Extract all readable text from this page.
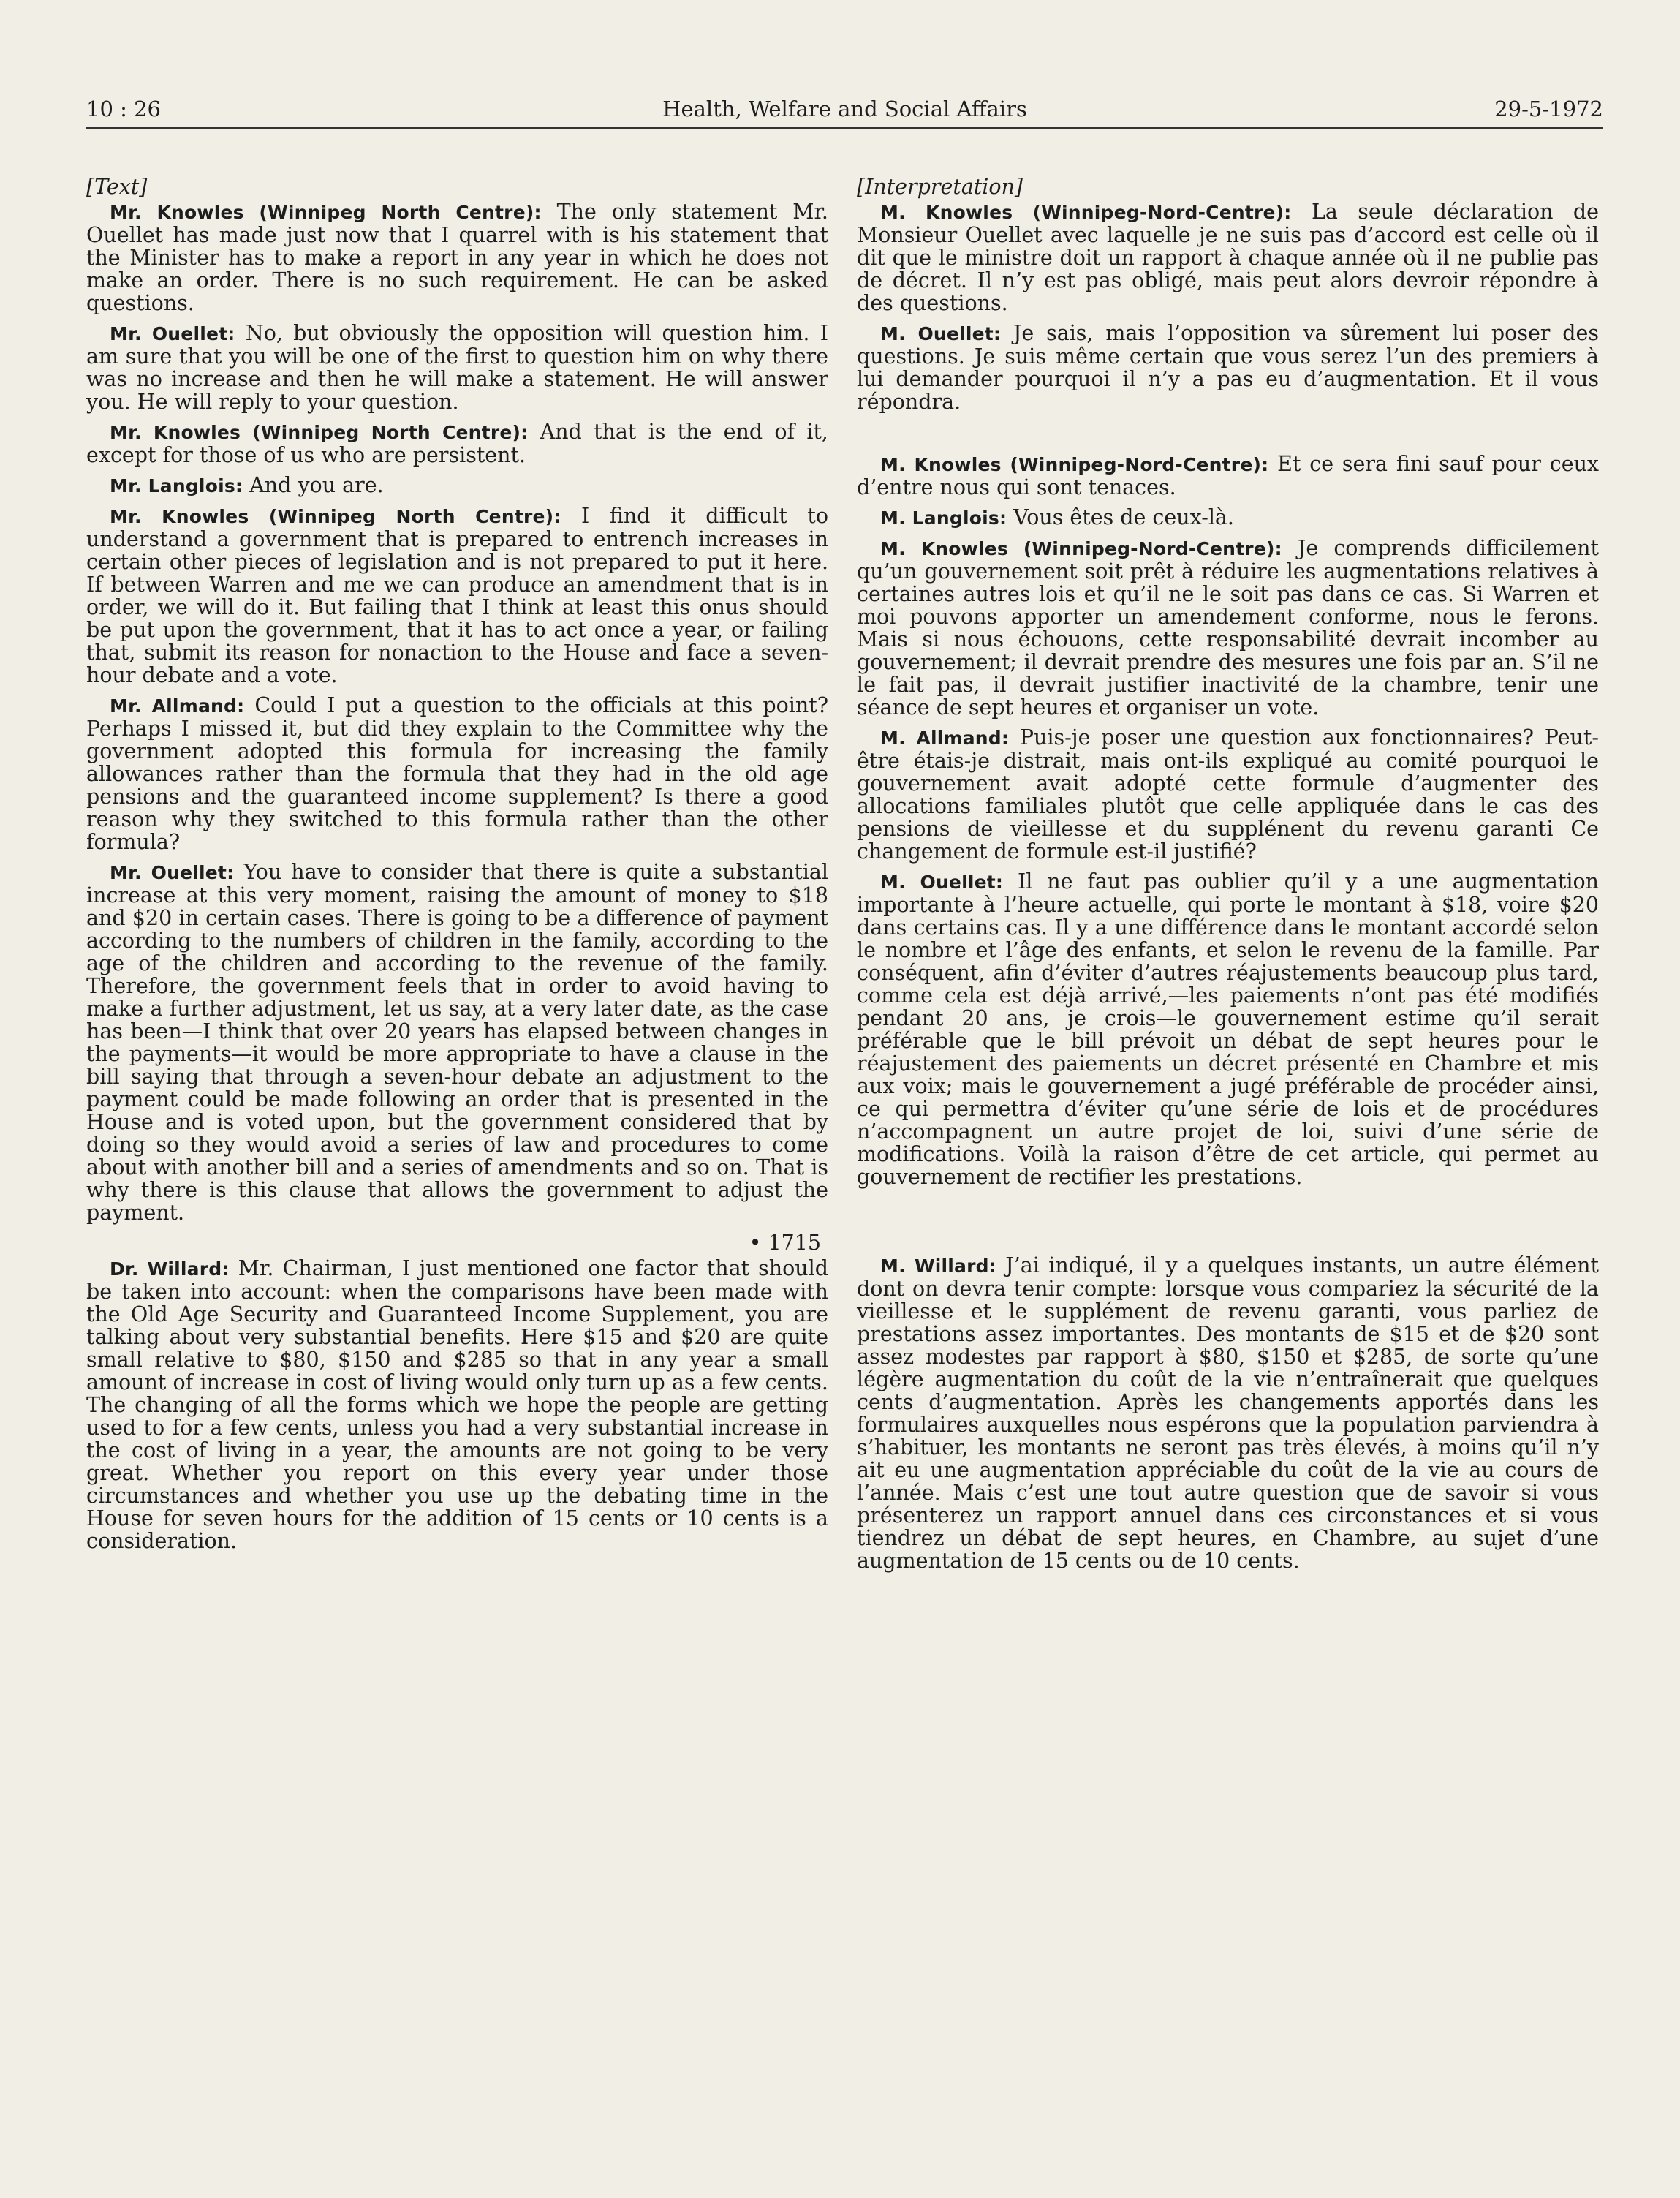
10 : 26	Health, Welfare and Social Affairs	29-5-1972
[Text]

Mr. Knowles (Winnipeg North Centre): The only statement Mr. Ouellet has made just now that I quarrel with is his statement that the Minister has to make a report in any year in which he does not make an order. There is no such requirement. He can be asked questions.

Mr. Ouellet: No, but obviously the opposition will question him. I am sure that you will be one of the first to question him on why there was no increase and then he will make a statement. He will answer you. He will reply to your question.

Mr. Knowles (Winnipeg North Centre): And that is the end of it, except for those of us who are persistent.

Mr. Langlois: And you are.

Mr. Knowles (Winnipeg North Centre): I find it difficult to understand a government that is prepared to entrench increases in certain other pieces of legislation and is not prepared to put it here. If between Warren and me we can produce an amendment that is in order, we will do it. But failing that I think at least this onus should be put upon the government, that it has to act once a year, or failing that, submit its reason for nonaction to the House and face a seven-hour debate and a vote.

Mr. Allmand: Could I put a question to the officials at this point? Perhaps I missed it, but did they explain to the Committee why the government adopted this formula for increasing the family allowances rather than the formula that they had in the old age pensions and the guaranteed income supplement? Is there a good reason why they switched to this formula rather than the other formula?

Mr. Ouellet: You have to consider that there is quite a substantial increase at this very moment, raising the amount of money to $18 and $20 in certain cases. There is going to be a difference of payment according to the numbers of children in the family, according to the age of the children and according to the revenue of the family. Therefore, the government feels that in order to avoid having to make a further adjustment, let us say, at a very later date, as the case has been—I think that over 20 years has elapsed between changes in the payments—it would be more appropriate to have a clause in the bill saying that through a seven-hour debate an adjustment to the payment could be made following an order that is presented in the House and is voted upon, but the government considered that by doing so they would avoid a series of law and procedures to come about with another bill and a series of amendments and so on. That is why there is this clause that allows the government to adjust the payment.

• 1715

Dr. Willard: Mr. Chairman, I just mentioned one factor that should be taken into account: when the comparisons have been made with the Old Age Security and Guaranteed Income Supplement, you are talking about very substantial benefits. Here $15 and $20 are quite small relative to $80, $150 and $285 so that in any year a small amount of increase in cost of living would only turn up as a few cents. The changing of all the forms which we hope the people are getting used to for a few cents, unless you had a very substantial increase in the cost of living in a year, the amounts are not going to be very great. Whether you report on this every year under those circumstances and whether you use up the debating time in the House for seven hours for the addition of 15 cents or 10 cents is a consideration.

[Interpretation]

M. Knowles (Winnipeg-Nord-Centre): La seule déclaration de Monsieur Ouellet avec laquelle je ne suis pas d’accord est celle où il dit que le ministre doit un rapport à chaque année où il ne publie pas de décret. Il n’y est pas obligé, mais peut alors devroir répondre à des questions.

M. Ouellet: Je sais, mais l’opposition va sûrement lui poser des questions. Je suis même certain que vous serez l’un des premiers à lui demander pourquoi il n’y a pas eu d’augmentation. Et il vous répondra.

M. Knowles (Winnipeg-Nord-Centre): Et ce sera fini sauf pour ceux d’entre nous qui sont tenaces.

M. Langlois: Vous êtes de ceux-là.

M. Knowles (Winnipeg-Nord-Centre): Je comprends difficilement qu’un gouvernement soit prêt à réduire les augmentations relatives à certaines autres lois et qu’il ne le soit pas dans ce cas. Si Warren et moi pouvons apporter un amendement conforme, nous le ferons. Mais si nous échouons, cette responsabilité devrait incomber au gouvernement; il devrait prendre des mesures une fois par an. S’il ne le fait pas, il devrait justifier inactivité de la chambre, tenir une séance de sept heures et organiser un vote.

M. Allmand: Puis-je poser une question aux fonctionnaires? Peut-être étais-je distrait, mais ont-ils expliqué au comité pourquoi le gouvernement avait adopté cette formule d’augmenter des allocations familiales plutôt que celle appliquée dans le cas des pensions de vieillesse et du supplénent du revenu garanti Ce changement de formule est-il justifié?

M. Ouellet: Il ne faut pas oublier qu’il y a une augmentation importante à l’heure actuelle, qui porte le montant à $18, voire $20 dans certains cas. Il y a une différence dans le montant accordé selon le nombre et l’âge des enfants, et selon le revenu de la famille. Par conséquent, afin d’éviter d’autres réajustements beaucoup plus tard, comme cela est déjà arrivé,—les paiements n’ont pas été modifiés pendant 20 ans, je crois—le gouvernement estime qu’il serait préférable que le bill prévoit un débat de sept heures pour le réajustement des paiements un décret présenté en Chambre et mis aux voix; mais le gouvernement a jugé préférable de procéder ainsi, ce qui permettra d’éviter qu’une série de lois et de procédures n’accompagnent un autre projet de loi, suivi d’une série de modifications. Voilà la raison d’être de cet article, qui permet au gouvernement de rectifier les prestations.

M. Willard: J’ai indiqué, il y a quelques instants, un autre élément dont on devra tenir compte: lorsque vous compariez la sécurité de la vieillesse et le supplément de revenu garanti, vous parliez de prestations assez importantes. Des montants de $15 et de $20 sont assez modestes par rapport à $80, $150 et $285, de sorte qu’une légère augmentation du coût de la vie n’entraînerait que quelques cents d’augmentation. Après les changements apportés dans les formulaires auxquelles nous espérons que la population parviendra à s’habituer, les montants ne seront pas très élevés, à moins qu’il n’y ait eu une augmentation appréciable du coût de la vie au cours de l’année. Mais c’est une tout autre question que de savoir si vous présenterez un rapport annuel dans ces circonstances et si vous tiendrez un débat de sept heures, en Chambre, au sujet d’une augmentation de 15 cents ou de 10 cents.
